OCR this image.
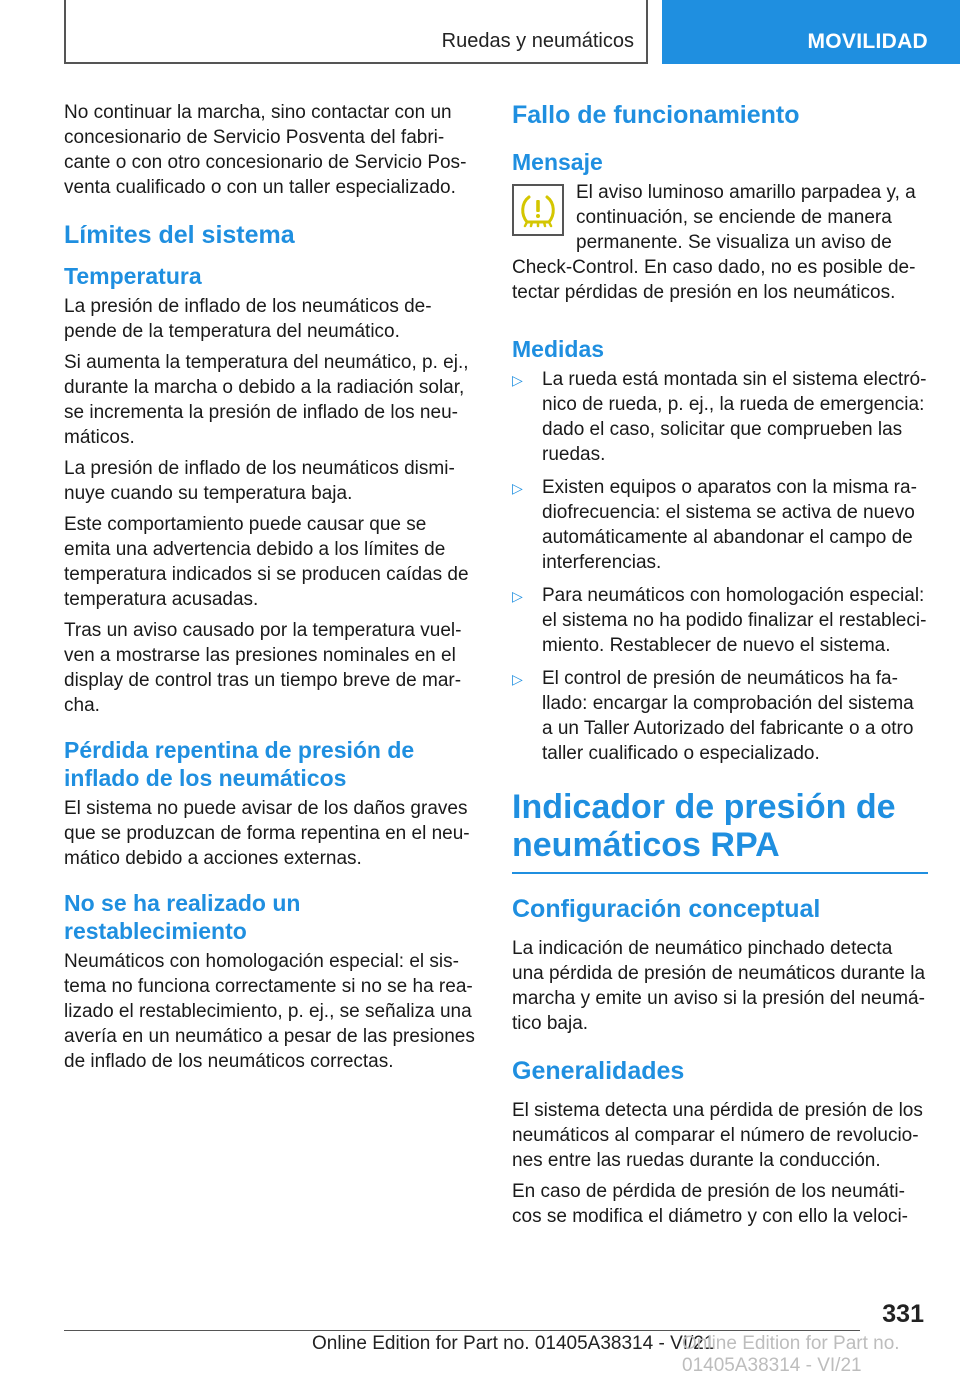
Ruedas y neumáticos	MOVILIDAD

No continuar la marcha, sino contactar con un concesionario de Servicio Posventa del fabricante o con otro concesionario de Servicio Posventa cualificado o con un taller especializado.

Límites del sistema
Temperatura

La presión de inflado de los neumáticos depende de la temperatura del neumático.

Si aumenta la temperatura del neumático, p. ej., durante la marcha o debido a la radiación solar, se incrementa la presión de inflado de los neumáticos.

La presión de inflado de los neumáticos disminuye cuando su temperatura baja.

Este comportamiento puede causar que se emita una advertencia debido a los límites de temperatura indicados si se producen caídas de temperatura acusadas.

Tras un aviso causado por la temperatura vuelven a mostrarse las presiones nominales en el display de control tras un tiempo breve de marcha.

Pérdida repentina de presión de inflado de los neumáticos

El sistema no puede avisar de los daños graves que se produzcan de forma repentina en el neumático debido a acciones externas.

No se ha realizado un restablecimiento

Neumáticos con homologación especial: el sistema no funciona correctamente si no se ha realizado el restablecimiento, p. ej., se señaliza una avería en un neumático a pesar de las presiones de inflado de los neumáticos correctas.

Fallo de funcionamiento
Mensaje

El aviso luminoso amarillo parpadea y, a continuación, se enciende de manera permanente. Se visualiza un aviso de Check-Control. En caso dado, no es posible detectar pérdidas de presión en los neumáticos.

Medidas
▷ La rueda está montada sin el sistema electrónico de rueda, p. ej., la rueda de emergencia: dado el caso, solicitar que comprueben las ruedas.
▷ Existen equipos o aparatos con la misma radiofrecuencia: el sistema se activa de nuevo automáticamente al abandonar el campo de interferencias.
▷ Para neumáticos con homologación especial: el sistema no ha podido finalizar el restablecimiento. Restablecer de nuevo el sistema.
▷ El control de presión de neumáticos ha fallado: encargar la comprobación del sistema a un Taller Autorizado del fabricante o a otro taller cualificado o especializado.
Indicador de presión de neumáticos RPA
Configuración conceptual

La indicación de neumático pinchado detecta una pérdida de presión de neumáticos durante la marcha y emite un aviso si la presión del neumático baja.

Generalidades

El sistema detecta una pérdida de presión de los neumáticos al comparar el número de revoluciones entre las ruedas durante la conducción.

En caso de pérdida de presión de los neumáticos se modifica el diámetro y con ello la veloci-

331
Online Edition for Part no. 01405A38314 - VI/21
Online Edition for Part no. 01405A38314 - VI/21
